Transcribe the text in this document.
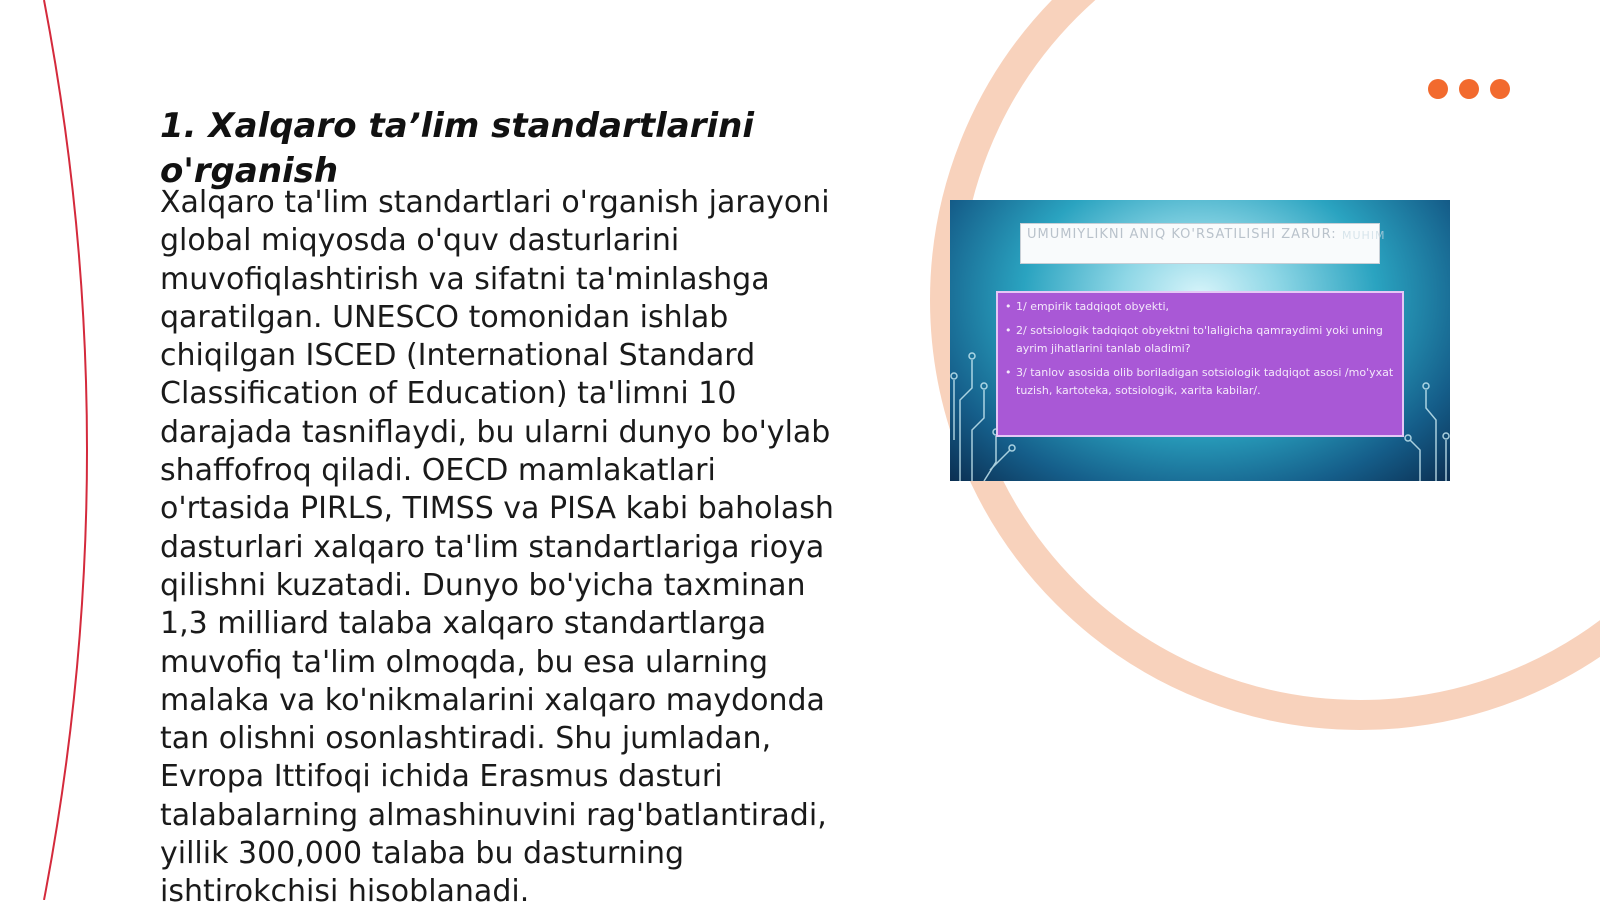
1. Xalqaro ta’lim standartlarini o'rganish

Xalqaro ta'lim standartlari o'rganish jarayoni global miqyosda o'quv dasturlarini muvofiqlashtirish va sifatni ta'minlashga qaratilgan. UNESCO tomonidan ishlab chiqilgan ISCED (International Standard Classification of Education) ta'limni 10 darajada tasniflaydi, bu ularni dunyo bo'ylab shaffofroq qiladi. OECD mamlakatlari o'rtasida PIRLS, TIMSS va PISA kabi baholash dasturlari xalqaro ta'lim standartlariga rioya qilishni kuzatadi. Dunyo bo'yicha taxminan 1,3 milliard talaba xalqaro standartlarga muvofiq ta'lim olmoqda, bu esa ularning malaka va ko'nikmalarini xalqaro maydonda tan olishni osonlashtiradi. Shu jumladan, Evropa Ittifoqi ichida Erasmus dasturi talabalarning almashinuvini rag'batlantiradi, yillik 300,000 talaba bu dasturning ishtirokchisi hisoblanadi.

UMUMIYLIKNI ANIQ KO'RSATILISHI ZARUR: MUHIM
• 1/ empirik tadqiqot obyekti,
• 2/ sotsiologik tadqiqot obyektni to'laligicha qamraydimi yoki uning ayrim jihatlarini tanlab oladimi?
• 3/ tanlov asosida olib boriladigan sotsiologik tadqiqot asosi /mo'yxat tuzish, kartoteka, sotsiologik, xarita kabilar/.
